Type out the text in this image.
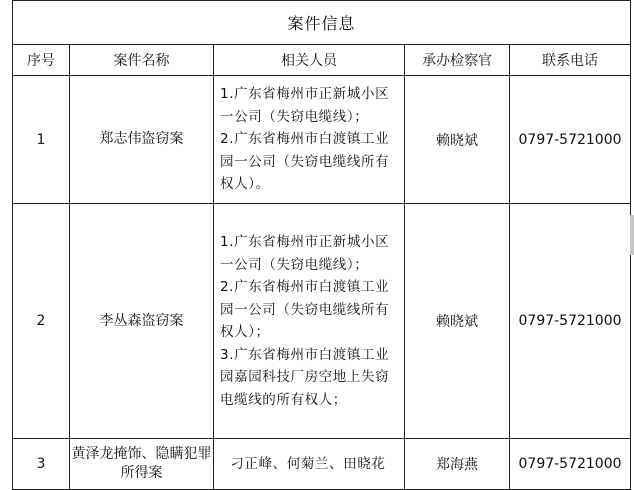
案件信息				
序号	案件名称	相关人员	承办检察官	联系电话
1	郑志伟盗窃案	1.广东省梅州市正新城小区一公司（失窃电缆线）；
2.广东省梅州市白渡镇工业园一公司（失窃电缆线所有权人）。	赖晓斌	0797-5721000
2	李丛森盗窃案	1.广东省梅州市正新城小区一公司（失窃电缆线）；
2.广东省梅州市白渡镇工业园一公司（失窃电缆线所有权人）；
3.广东省梅州市白渡镇工业园嘉园科技厂房空地上失窃电缆线的所有权人；	赖晓斌	0797-5721000
3	黄泽龙掩饰、隐瞒犯罪所得案	刁正峰、何菊兰、田晓花	郑海燕	0797-5721000
